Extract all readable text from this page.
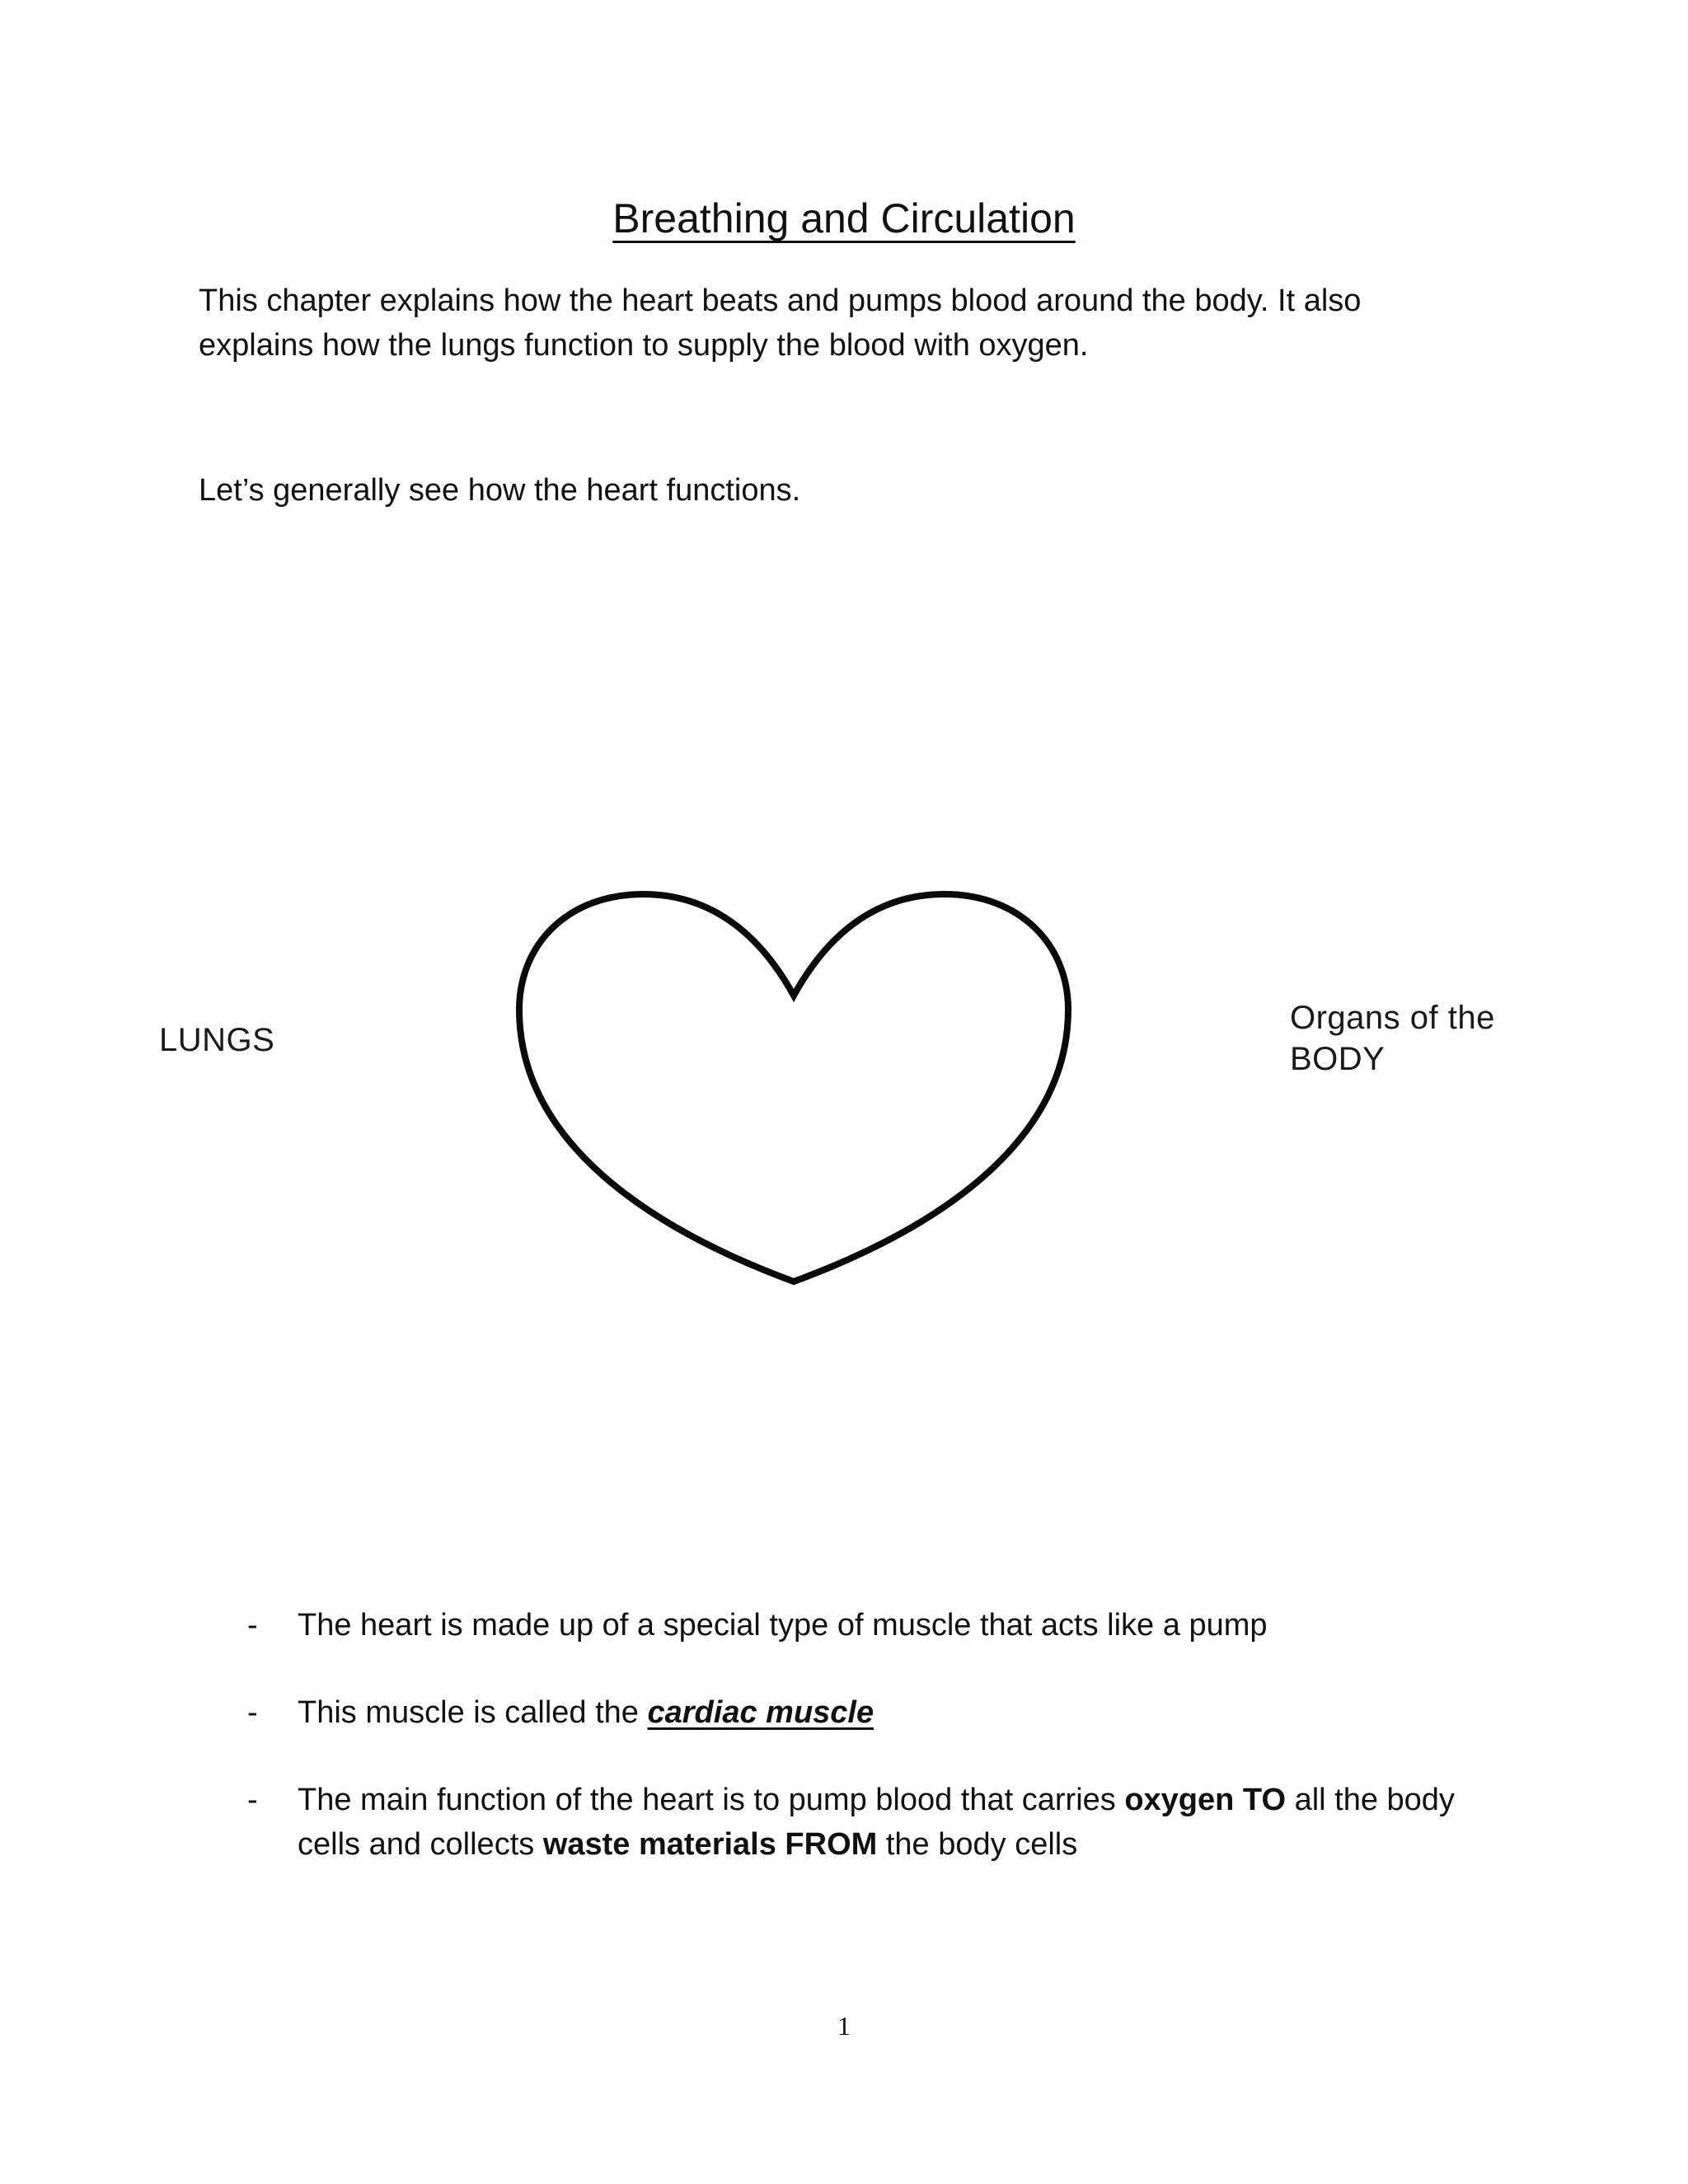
Breathing and Circulation

This chapter explains how the heart beats and pumps blood around the body. It also explains how the lungs function to supply the blood with oxygen.

Let’s generally see how the heart functions.

LUNGS
Organs of the
BODY
- The heart is made up of a special type of muscle that acts like a pump
- This muscle is called the cardiac muscle
- The main function of the heart is to pump blood that carries oxygen TO all the body cells and collects waste materials FROM the body cells
1
